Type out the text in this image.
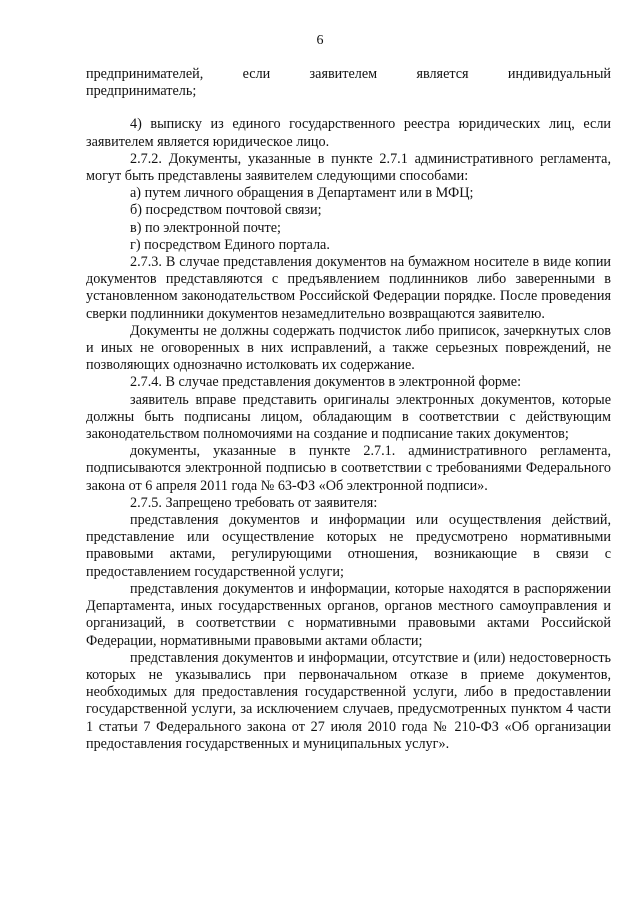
6

предпринимателей, если заявителем является индивидуальный

предприниматель;

4) выписку из единого государственного реестра юридических лиц, если заявителем является юридическое лицо.

2.7.2. Документы, указанные в пункте 2.7.1 административного регламента, могут быть представлены заявителем следующими способами:

а) путем личного обращения в Департамент или в МФЦ;

б) посредством почтовой связи;

в) по электронной почте;

г) посредством Единого портала.

2.7.3. В случае представления документов на бумажном носителе в виде копии документов представляются с предъявлением подлинников либо заверенными в установленном законодательством Российской Федерации порядке. После проведения сверки подлинники документов незамедлительно возвращаются заявителю.

Документы не должны содержать подчисток либо приписок, зачеркнутых слов и иных не оговоренных в них исправлений, а также серьезных повреждений, не позволяющих однозначно истолковать их содержание.

2.7.4. В случае представления документов в электронной форме:

заявитель вправе представить оригиналы электронных документов, которые должны быть подписаны лицом, обладающим в соответствии с действующим законодательством полномочиями на создание и подписание таких документов;

документы, указанные в пункте 2.7.1. административного регламента, подписываются электронной подписью в соответствии с требованиями Федерального закона от 6 апреля 2011 года № 63-ФЗ «Об электронной подписи».

2.7.5. Запрещено требовать от заявителя:

представления документов и информации или осуществления действий, представление или осуществление которых не предусмотрено нормативными правовыми актами, регулирующими отношения, возникающие в связи с предоставлением государственной услуги;

представления документов и информации, которые находятся в распоряжении Департамента, иных государственных органов, органов местного самоуправления и организаций, в соответствии с нормативными правовыми актами Российской Федерации, нормативными правовыми актами области;

представления документов и информации, отсутствие и (или) недостоверность которых не указывались при первоначальном отказе в приеме документов, необходимых для предоставления государственной услуги, либо в предоставлении государственной услуги, за исключением случаев, предусмотренных пунктом 4 части 1 статьи 7 Федерального закона от 27 июля 2010 года № 210-ФЗ «Об организации предоставления государственных и муниципальных услуг».
